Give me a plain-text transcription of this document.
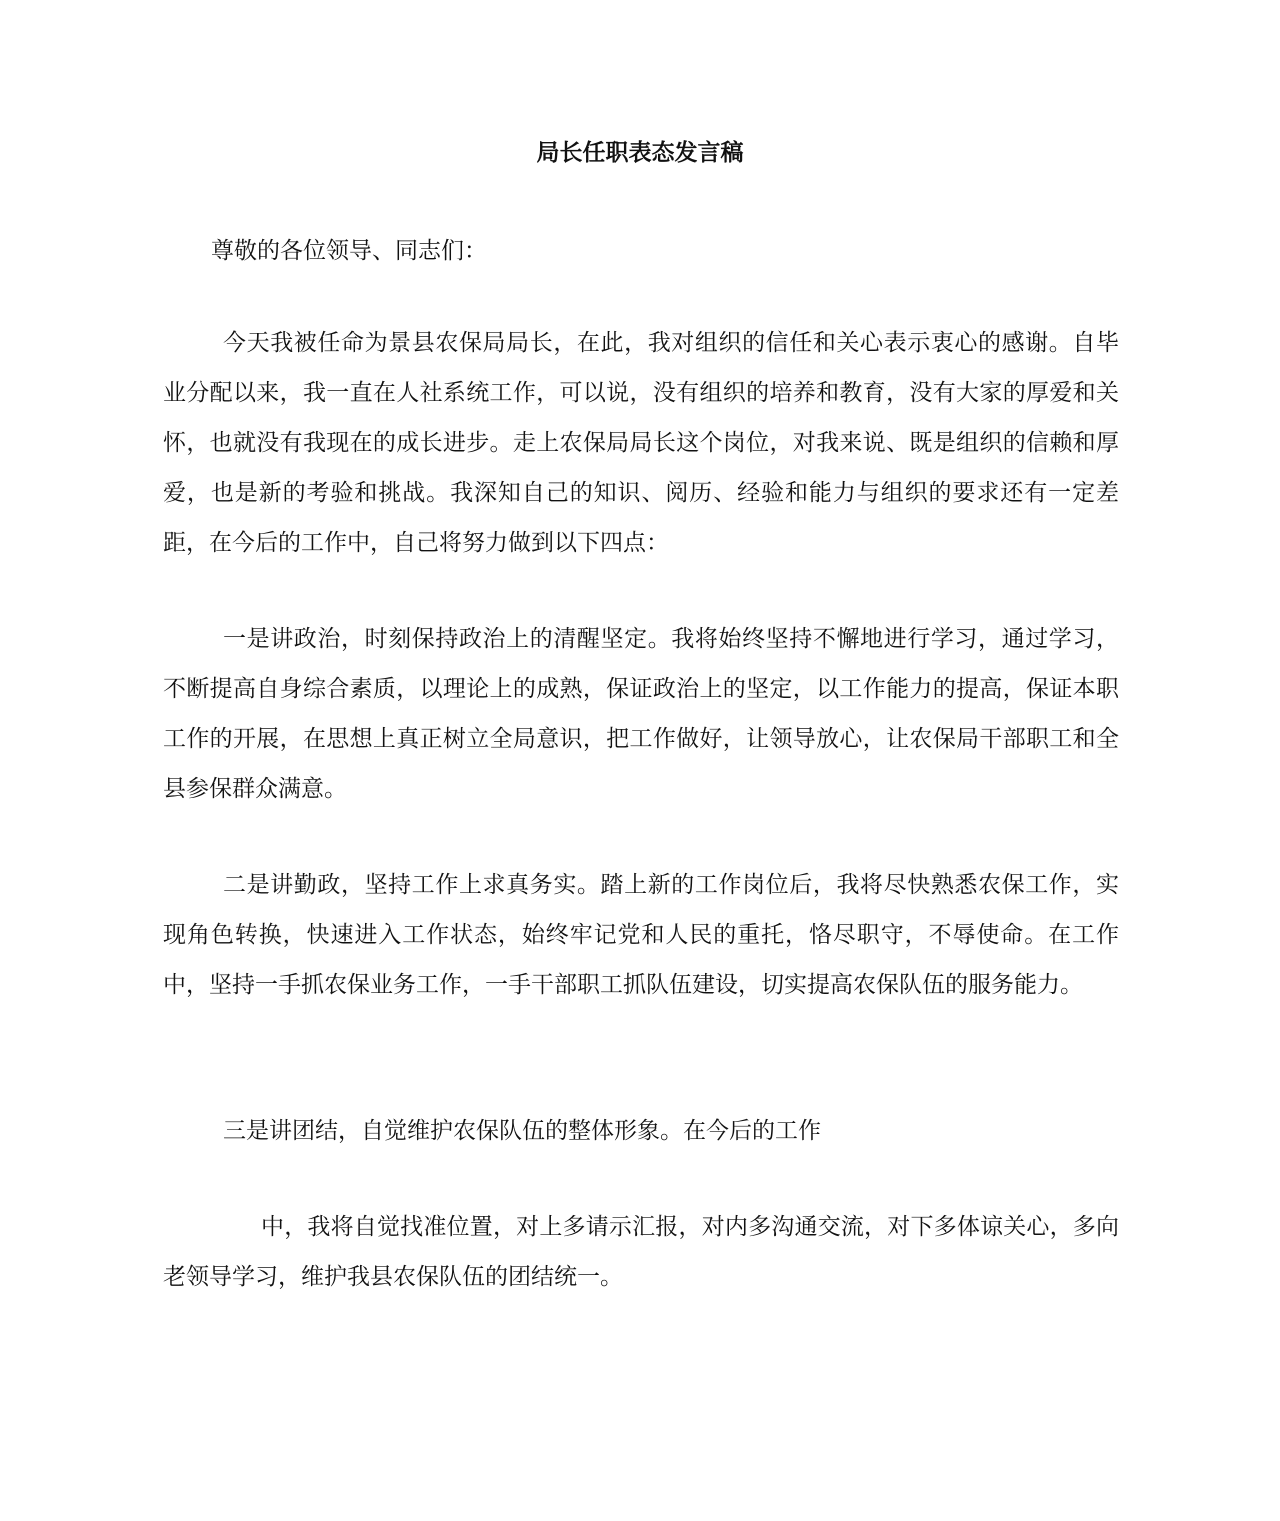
局长任职表态发言稿

尊敬的各位领导、同志们：

今天我被任命为景县农保局局长，在此，我对组织的信任和关心表示衷心的感谢。自毕业分配以来，我一直在人社系统工作，可以说，没有组织的培养和教育，没有大家的厚爱和关怀，也就没有我现在的成长进步。走上农保局局长这个岗位，对我来说、既是组织的信赖和厚爱，也是新的考验和挑战。我深知自己的知识、阅历、经验和能力与组织的要求还有一定差距，在今后的工作中，自己将努力做到以下四点：

一是讲政治，时刻保持政治上的清醒坚定。我将始终坚持不懈地进行学习，通过学习，不断提高自身综合素质，以理论上的成熟，保证政治上的坚定，以工作能力的提高，保证本职工作的开展，在思想上真正树立全局意识，把工作做好，让领导放心，让农保局干部职工和全县参保群众满意。

二是讲勤政，坚持工作上求真务实。踏上新的工作岗位后，我将尽快熟悉农保工作，实现角色转换，快速进入工作状态，始终牢记党和人民的重托，恪尽职守，不辱使命。在工作中，坚持一手抓农保业务工作，一手干部职工抓队伍建设，切实提高农保队伍的服务能力。

三是讲团结，自觉维护农保队伍的整体形象。在今后的工作

中，我将自觉找准位置，对上多请示汇报，对内多沟通交流，对下多体谅关心，多向老领导学习，维护我县农保队伍的团结统一。
